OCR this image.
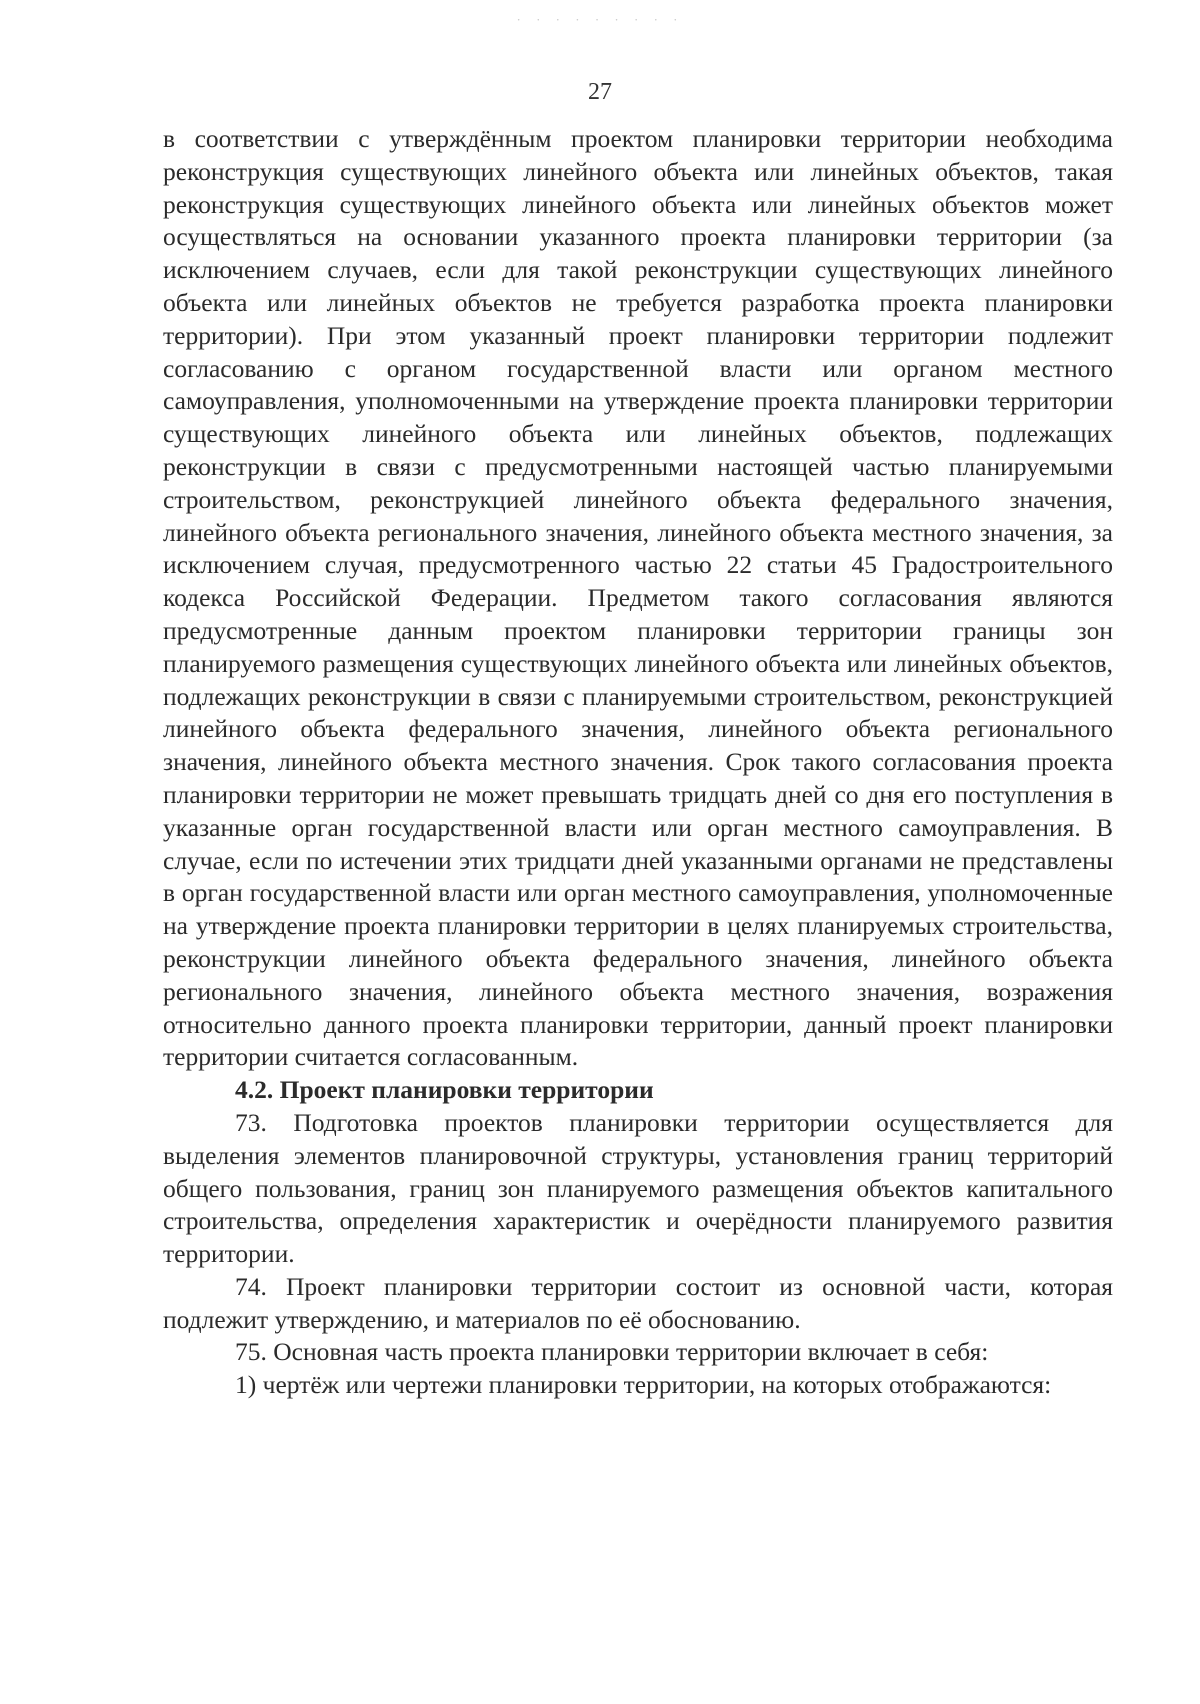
· · · · · · · · ·
27

в соответствии с утверждённым проектом планировки территории необходима реконструкция существующих линейного объекта или линейных объектов, такая реконструкция существующих линейного объекта или линейных объектов может осуществляться на основании указанного проекта планировки территории (за исключением случаев, если для такой реконструкции существующих линейного объекта или линейных объектов не требуется разработка проекта планировки территории). При этом указанный проект планировки территории подлежит согласованию с органом государственной власти или органом местного самоуправления, уполномоченными на утверждение проекта планировки территории существующих линейного объекта или линейных объектов, подлежащих реконструкции в связи с предусмотренными настоящей частью планируемыми строительством, реконструкцией линейного объекта федерального значения, линейного объекта регионального значения, линейного объекта местного значения, за исключением случая, предусмотренного частью 22 статьи 45 Градостроительного кодекса Российской Федерации. Предметом такого согласования являются предусмотренные данным проектом планировки территории границы зон планируемого размещения существующих линейного объекта или линейных объектов, подлежащих реконструкции в связи с планируемыми строительством, реконструкцией линейного объекта федерального значения, линейного объекта регионального значения, линейного объекта местного значения. Срок такого согласования проекта планировки территории не может превышать тридцать дней со дня его поступления в указанные орган государственной власти или орган местного самоуправления. В случае, если по истечении этих тридцати дней указанными органами не представлены в орган государственной власти или орган местного самоуправления, уполномоченные на утверждение проекта планировки территории в целях планируемых строительства, реконструкции линейного объекта федерального значения, линейного объекта регионального значения, линейного объекта местного значения, возражения относительно данного проекта планировки территории, данный проект планировки территории считается согласованным.

4.2. Проект планировки территории

73. Подготовка проектов планировки территории осуществляется для выделения элементов планировочной структуры, установления границ территорий общего пользования, границ зон планируемого размещения объектов капитального строительства, определения характеристик и очерёдности планируемого развития территории.

74. Проект планировки территории состоит из основной части, которая подлежит утверждению, и материалов по её обоснованию.

75. Основная часть проекта планировки территории включает в себя:

1) чертёж или чертежи планировки территории, на которых отображаются:
